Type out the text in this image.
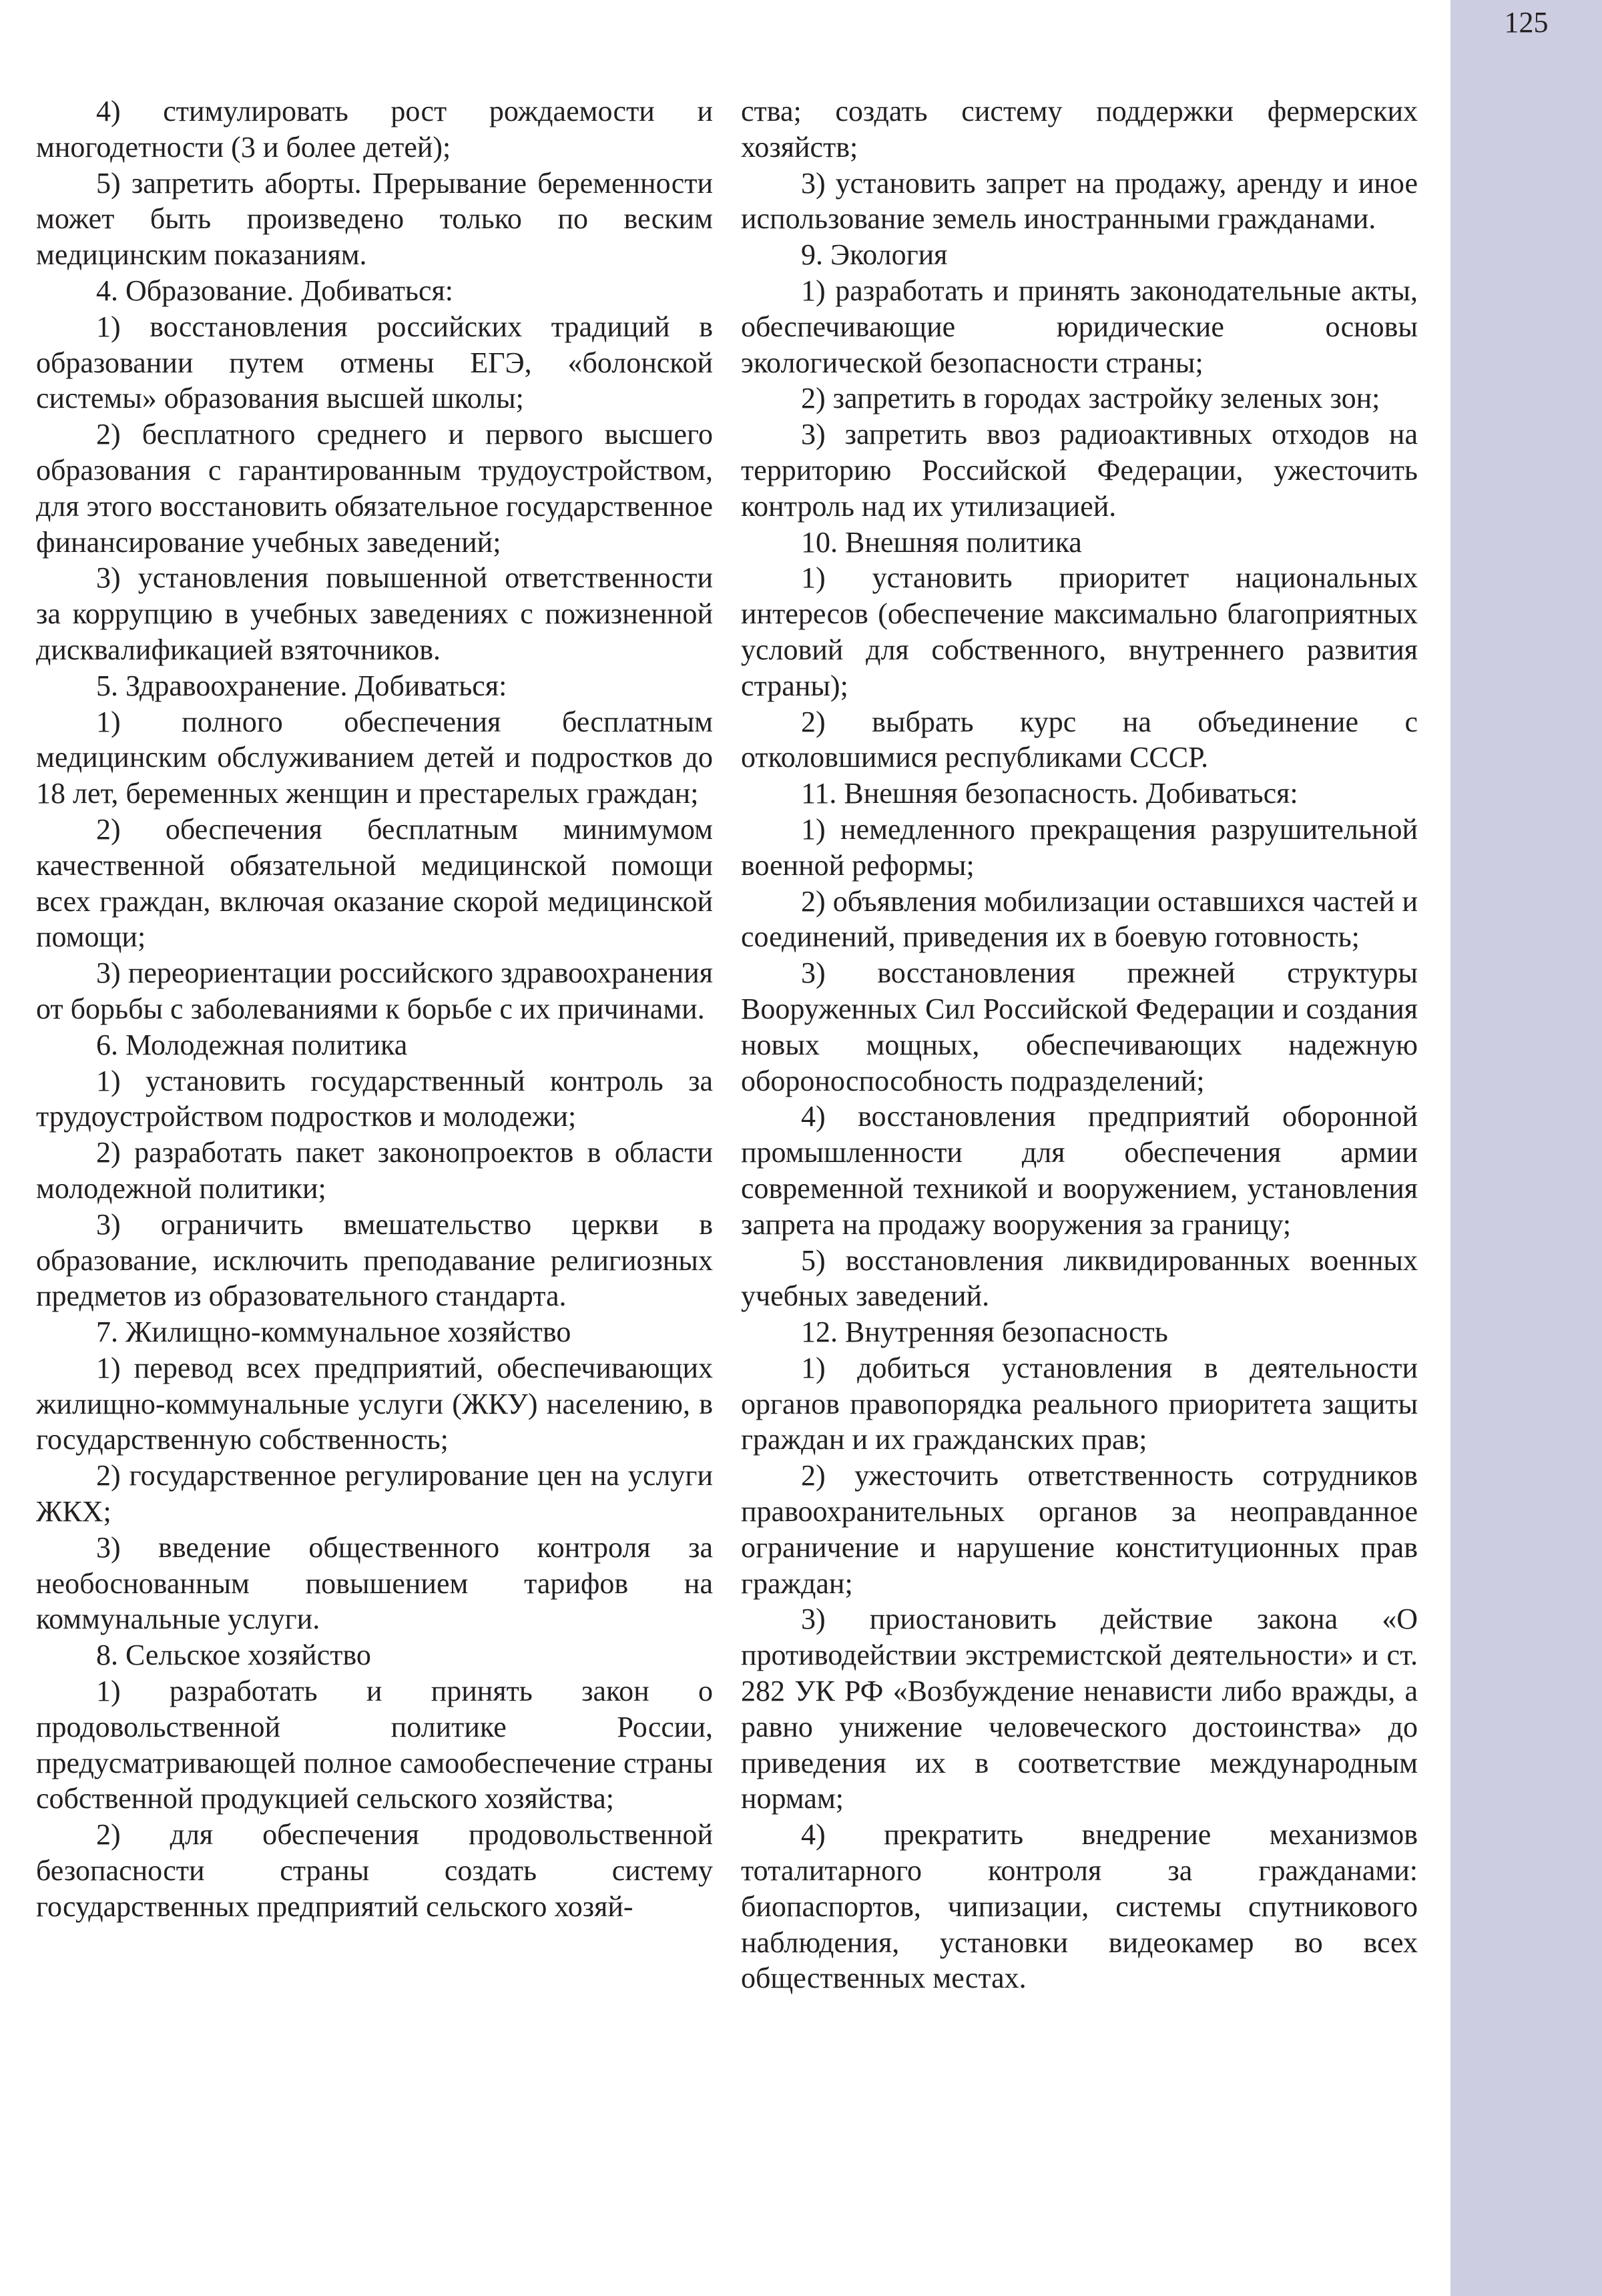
125

4) стимулировать рост рождаемости и многодетности (3 и более детей);

5) запретить аборты. Прерывание беременности может быть произведено только по веским медицинским показаниям.

4. Образование. Добиваться:

1) восстановления российских традиций в образовании путем отмены ЕГЭ, «болонской системы» образования высшей школы;

2) бесплатного среднего и первого высшего образования с гарантированным трудоустройством, для этого восстановить обязательное государственное финансирование учебных заведений;

3) установления повышенной ответственности за коррупцию в учебных заведениях с пожизненной дисквалификацией взяточников.

5. Здравоохранение. Добиваться:

1) полного обеспечения бесплатным медицинским обслуживанием детей и подростков до 18 лет, беременных женщин и престарелых граждан;

2) обеспечения бесплатным минимумом качественной обязательной медицинской помощи всех граждан, включая оказание скорой медицинской помощи;

3) переориентации российского здравоохранения от борьбы с заболеваниями к борьбе с их причинами.

6. Молодежная политика

1) установить государственный контроль за трудоустройством подростков и молодежи;

2) разработать пакет законопроектов в области молодежной политики;

3) ограничить вмешательство церкви в образование, исключить преподавание религиозных предметов из образовательного стандарта.

7. Жилищно-коммунальное хозяйство

1) перевод всех предприятий, обеспечивающих жилищно-коммунальные услуги (ЖКУ) населению, в государственную собственность;

2) государственное регулирование цен на услуги ЖКХ;

3) введение общественного контроля за необоснованным повышением тарифов на коммунальные услуги.

8. Сельское хозяйство

1) разработать и принять закон о продовольственной политике России, предусматривающей полное самообеспечение страны собственной продукцией сельского хозяйства;

2) для обеспечения продовольственной безопасности страны создать систему государственных предприятий сельского хозяй-

ства; создать систему поддержки фермерских хозяйств;

3) установить запрет на продажу, аренду и иное использование земель иностранными гражданами.

9. Экология

1) разработать и принять законодательные акты, обеспечивающие юридические основы экологической безопасности страны;

2) запретить в городах застройку зеленых зон;

3) запретить ввоз радиоактивных отходов на территорию Российской Федерации, ужесточить контроль над их утилизацией.

10. Внешняя политика

1) установить приоритет национальных интересов (обеспечение максимально благоприятных условий для собственного, внутреннего развития страны);

2) выбрать курс на объединение с отколовшимися республиками СССР.

11. Внешняя безопасность. Добиваться:

1) немедленного прекращения разрушительной военной реформы;

2) объявления мобилизации оставшихся частей и соединений, приведения их в боевую готовность;

3) восстановления прежней структуры Вооруженных Сил Российской Федерации и создания новых мощных, обеспечивающих надежную обороноспособность подразделений;

4) восстановления предприятий оборонной промышленности для обеспечения армии современной техникой и вооружением, установления запрета на продажу вооружения за границу;

5) восстановления ликвидированных военных учебных заведений.

12. Внутренняя безопасность

1) добиться установления в деятельности органов правопорядка реального приоритета защиты граждан и их гражданских прав;

2) ужесточить ответственность сотрудников правоохранительных органов за неоправданное ограничение и нарушение конституционных прав граждан;

3) приостановить действие закона «О противодействии экстремистской деятельности» и ст. 282 УК РФ «Возбуждение ненависти либо вражды, а равно унижение человеческого достоинства» до приведения их в соответствие международным нормам;

4) прекратить внедрение механизмов тоталитарного контроля за гражданами: биопаспортов, чипизации, системы спутникового наблюдения, установки видеокамер во всех общественных местах.
